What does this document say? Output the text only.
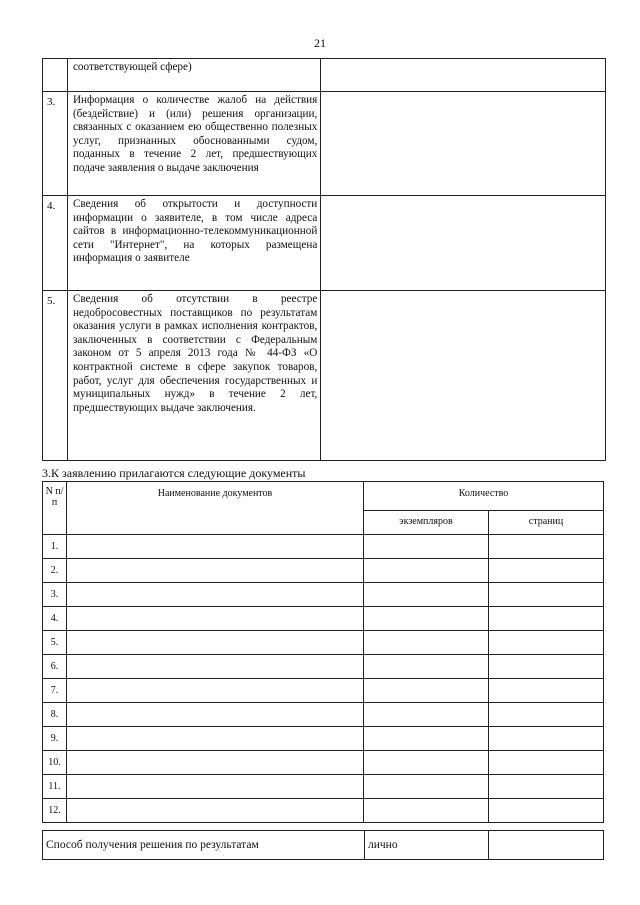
21
	соответствующей сфере)	
3.	Информация о количестве жалоб на действия (бездействие) и (или) решения организации, связанных с оказанием ею общественно полезных услуг, признанных обоснованными судом, поданных в течение 2 лет, предшествующих подаче заявления о выдаче заключения	
4.	Сведения об открытости и доступности информации о заявителе, в том числе адреса сайтов в информационно-телекоммуникационной сети "Интернет", на которых размещена информация о заявителе	
5.	Сведения об отсутствии в реестре недобросовестных поставщиков по результатам оказания услуги в рамках исполнения контрактов, заключенных в соответствии с Федеральным законом от 5 апреля 2013 года № 44-ФЗ «О контрактной системе в сфере закупок товаров, работ, услуг для обеспечения государственных и муниципальных нужд» в течение 2 лет, предшествующих выдаче заключения.	
3.К заявлению прилагаются следующие документы
N п/п	Наименование документов	Количество	
		экземпляров	страниц
1.			
2.			
3.			
4.			
5.			
6.			
7.			
8.			
9.			
10.			
11.			
12.			
Способ получения решения по результатам	лично	
